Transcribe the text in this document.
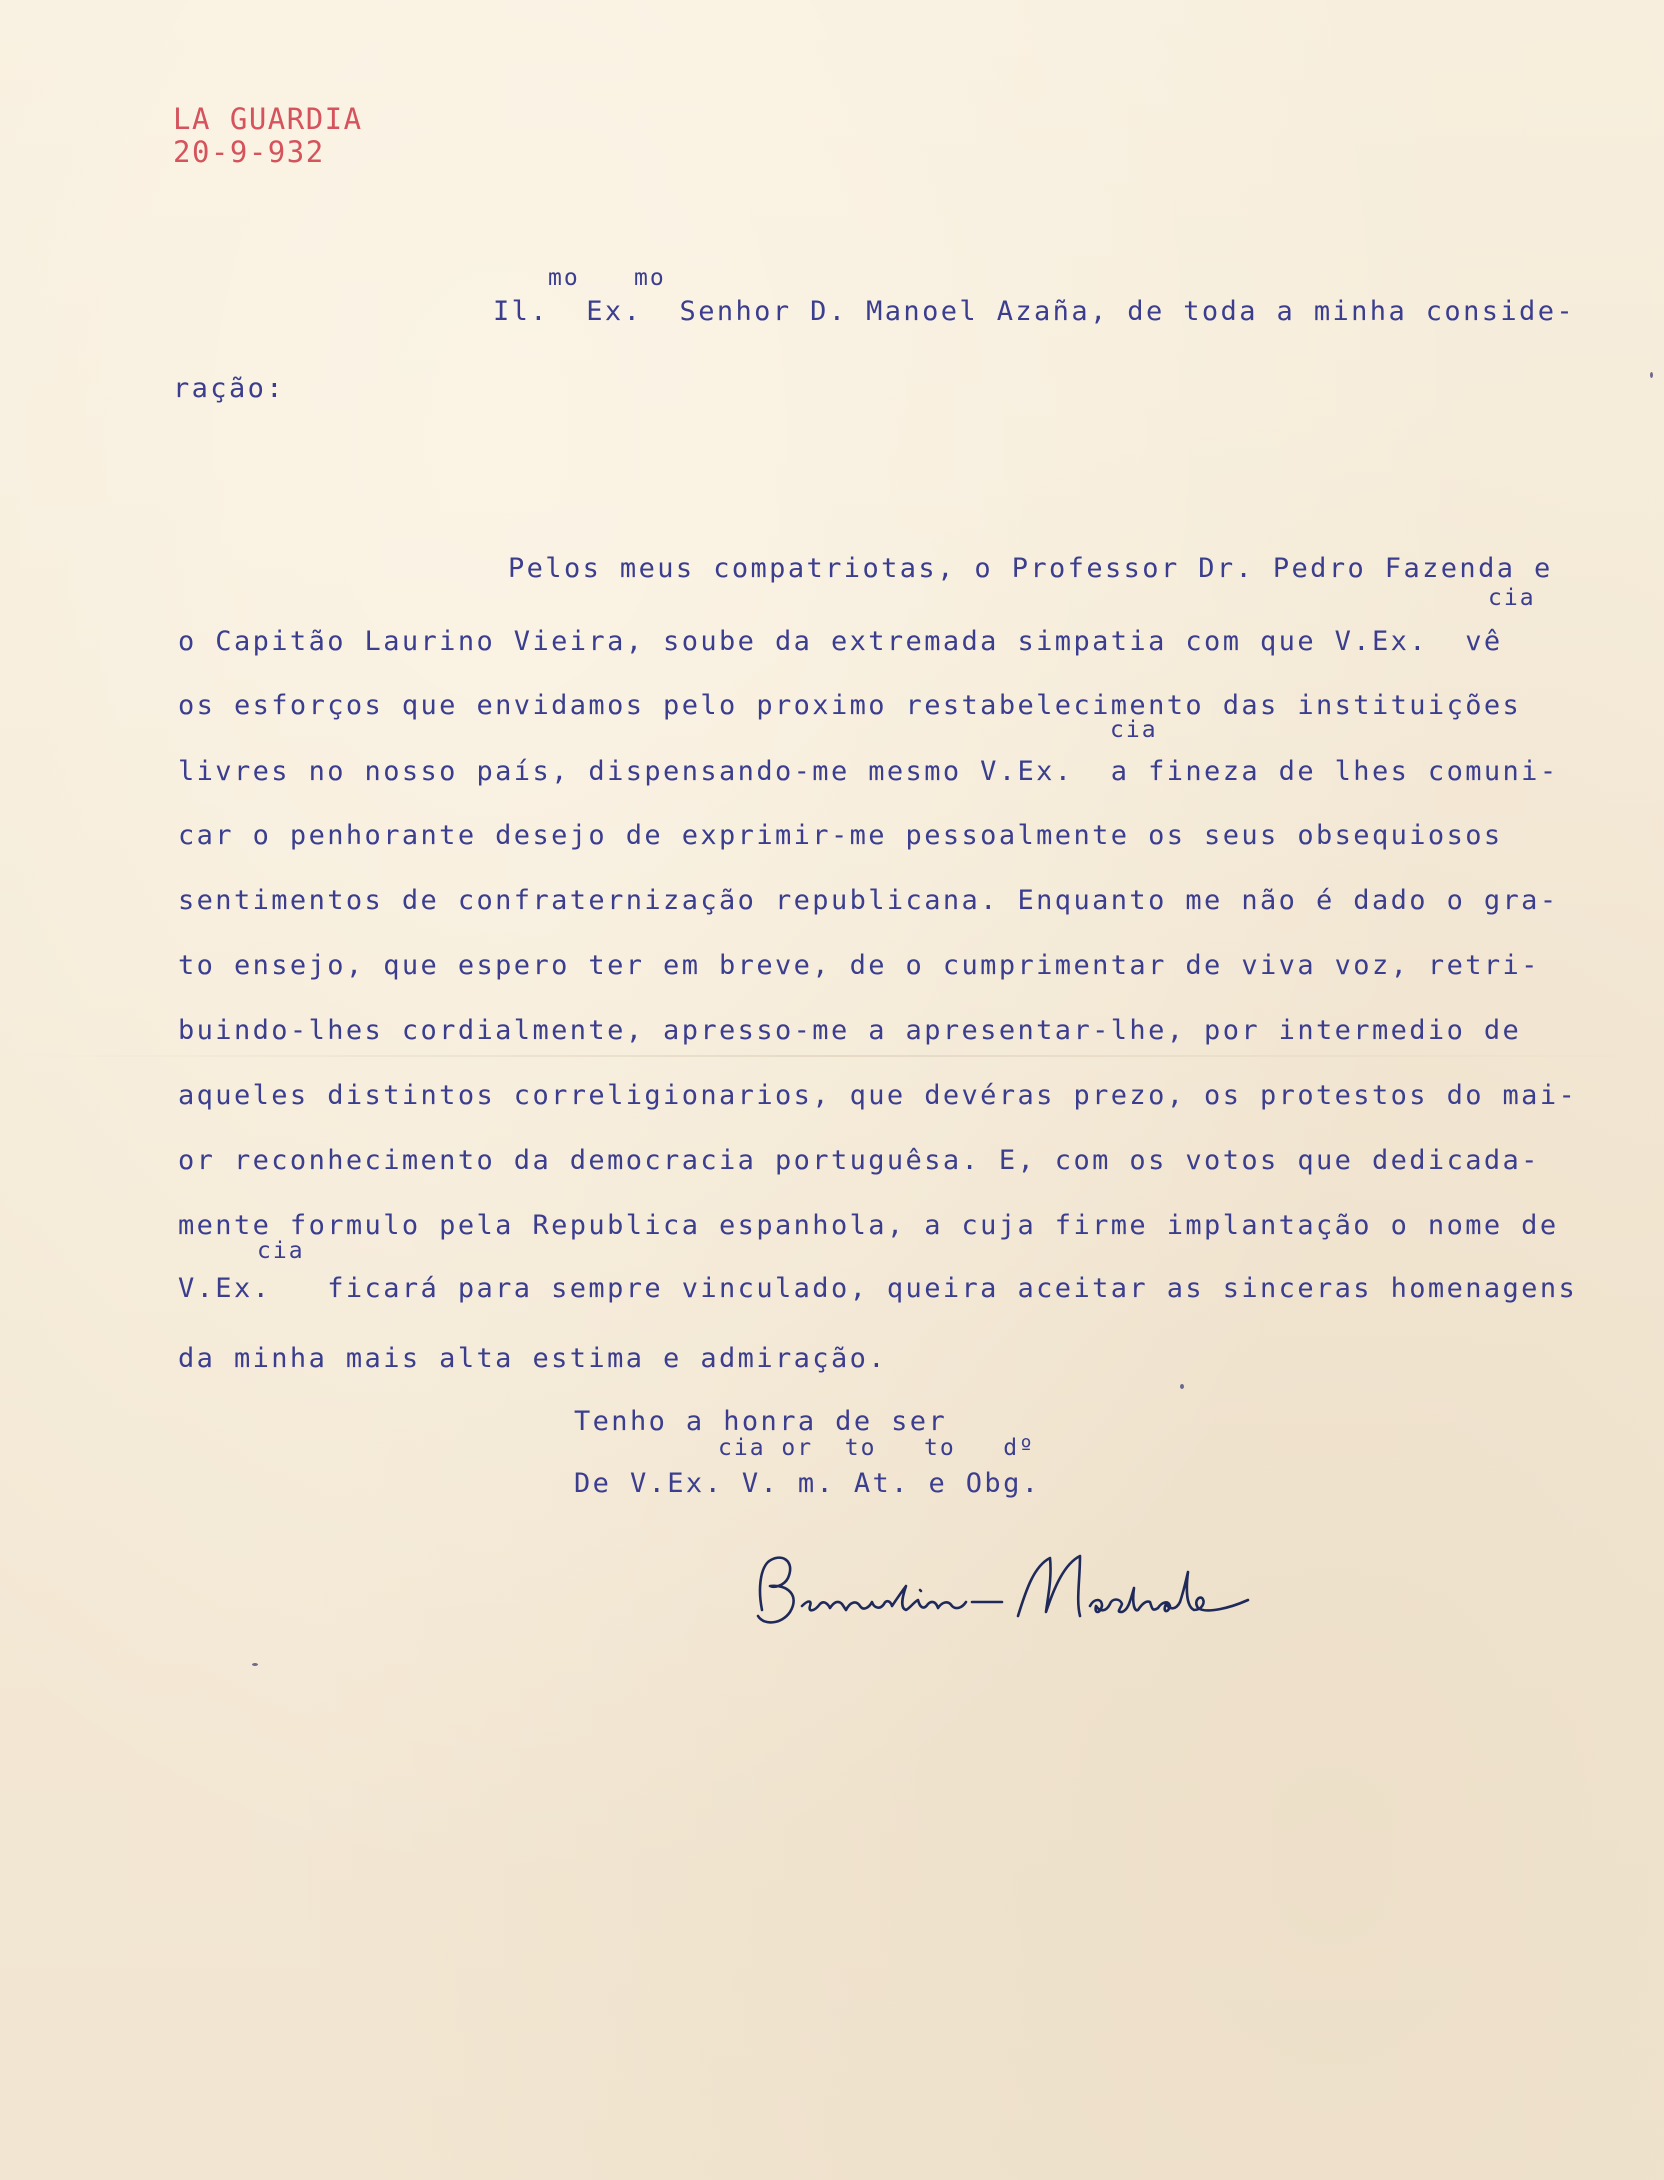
LA GUARDIA
20-9-932
mo mo
Il.  Ex.  Senhor D. Manoel Azaña, de toda a minha conside-
ração:
Pelos meus compatriotas, o Professor Dr. Pedro Fazenda e
cia
o Capitão Laurino Vieira, soube da extremada simpatia com que V.Ex.  vê
os esforços que envidamos pelo proximo restabelecimento das instituições
cia
livres no nosso país, dispensando-me mesmo V.Ex.  a fineza de lhes comuni-
car o penhorante desejo de exprimir-me pessoalmente os seus obsequiosos
sentimentos de confraternização republicana. Enquanto me não é dado o gra-
to ensejo, que espero ter em breve, de o cumprimentar de viva voz, retri-
buindo-lhes cordialmente, apresso-me a apresentar-lhe, por intermedio de
aqueles distintos correligionarios, que devéras prezo, os protestos do mai-
or reconhecimento da democracia portuguêsa. E, com os votos que dedicada-
mente formulo pela Republica espanhola, a cuja firme implantação o nome de
cia
V.Ex.   ficará para sempre vinculado, queira aceitar as sinceras homenagens
da minha mais alta estima e admiração.
Tenho a honra de ser
cia or  to   to   dº
De V.Ex. V. m. At. e Obg.
